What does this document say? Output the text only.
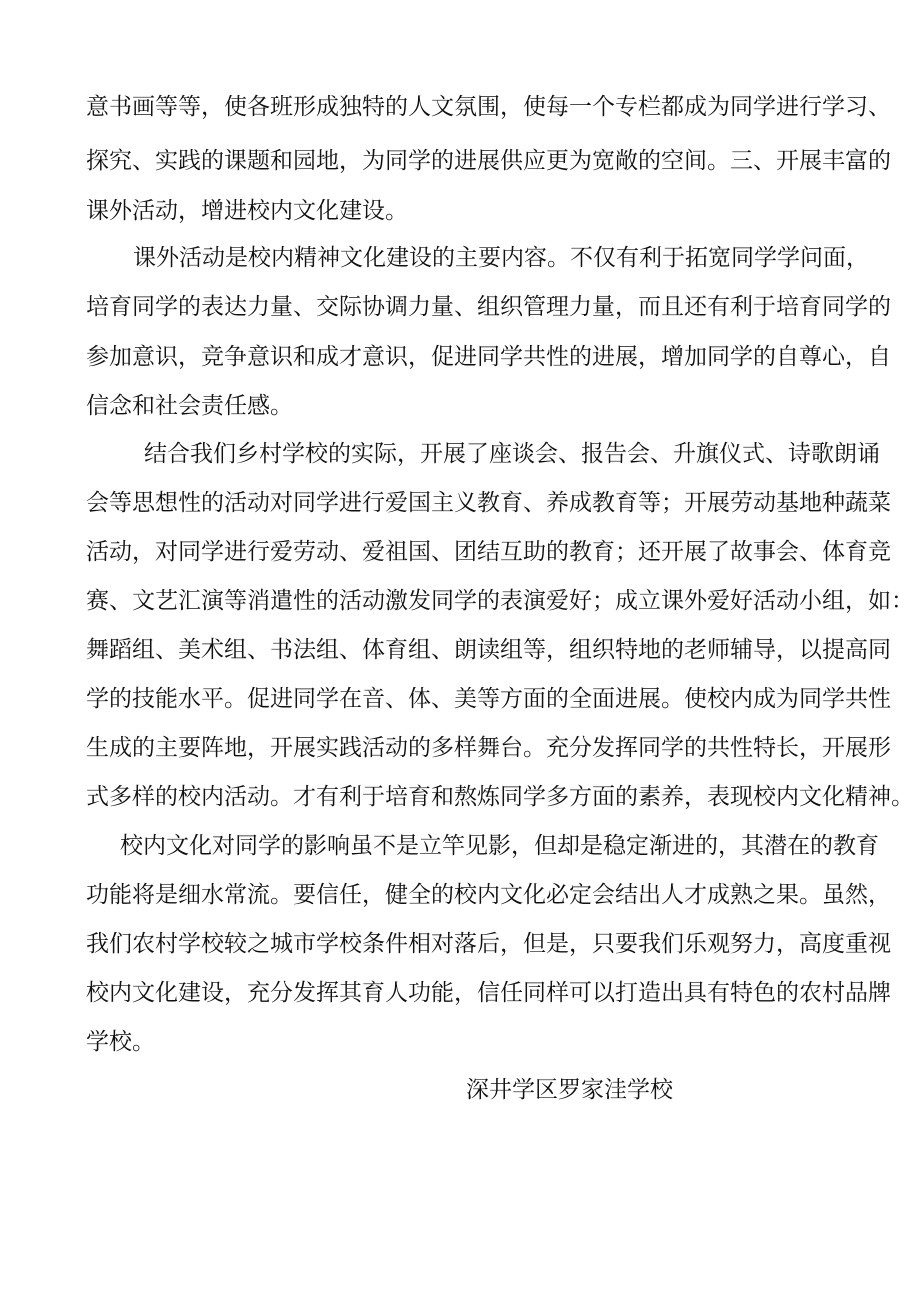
意书画等等，使各班形成独特的人文氛围，使每一个专栏都成为同学进行学习、
探究、实践的课题和园地，为同学的进展供应更为宽敞的空间。三、开展丰富的
课外活动，增进校内文化建设。
课外活动是校内精神文化建设的主要内容。不仅有利于拓宽同学学问面，
培育同学的表达力量、交际协调力量、组织管理力量，而且还有利于培育同学的
参加意识，竞争意识和成才意识，促进同学共性的进展，增加同学的自尊心，自
信念和社会责任感。
结合我们乡村学校的实际，开展了座谈会、报告会、升旗仪式、诗歌朗诵
会等思想性的活动对同学进行爱国主义教育、养成教育等；开展劳动基地种蔬菜
活动，对同学进行爱劳动、爱祖国、团结互助的教育；还开展了故事会、体育竞
赛、文艺汇演等消遣性的活动激发同学的表演爱好；成立课外爱好活动小组，如：
舞蹈组、美术组、书法组、体育组、朗读组等，组织特地的老师辅导，以提高同
学的技能水平。促进同学在音、体、美等方面的全面进展。使校内成为同学共性
生成的主要阵地，开展实践活动的多样舞台。充分发挥同学的共性特长，开展形
式多样的校内活动。才有利于培育和熬炼同学多方面的素养，表现校内文化精神。
校内文化对同学的影响虽不是立竿见影，但却是稳定渐进的，其潜在的教育
功能将是细水常流。要信任，健全的校内文化必定会结出人才成熟之果。虽然，
我们农村学校较之城市学校条件相对落后，但是，只要我们乐观努力，高度重视
校内文化建设，充分发挥其育人功能，信任同样可以打造出具有特色的农村品牌
学校。
深井学区罗家洼学校
